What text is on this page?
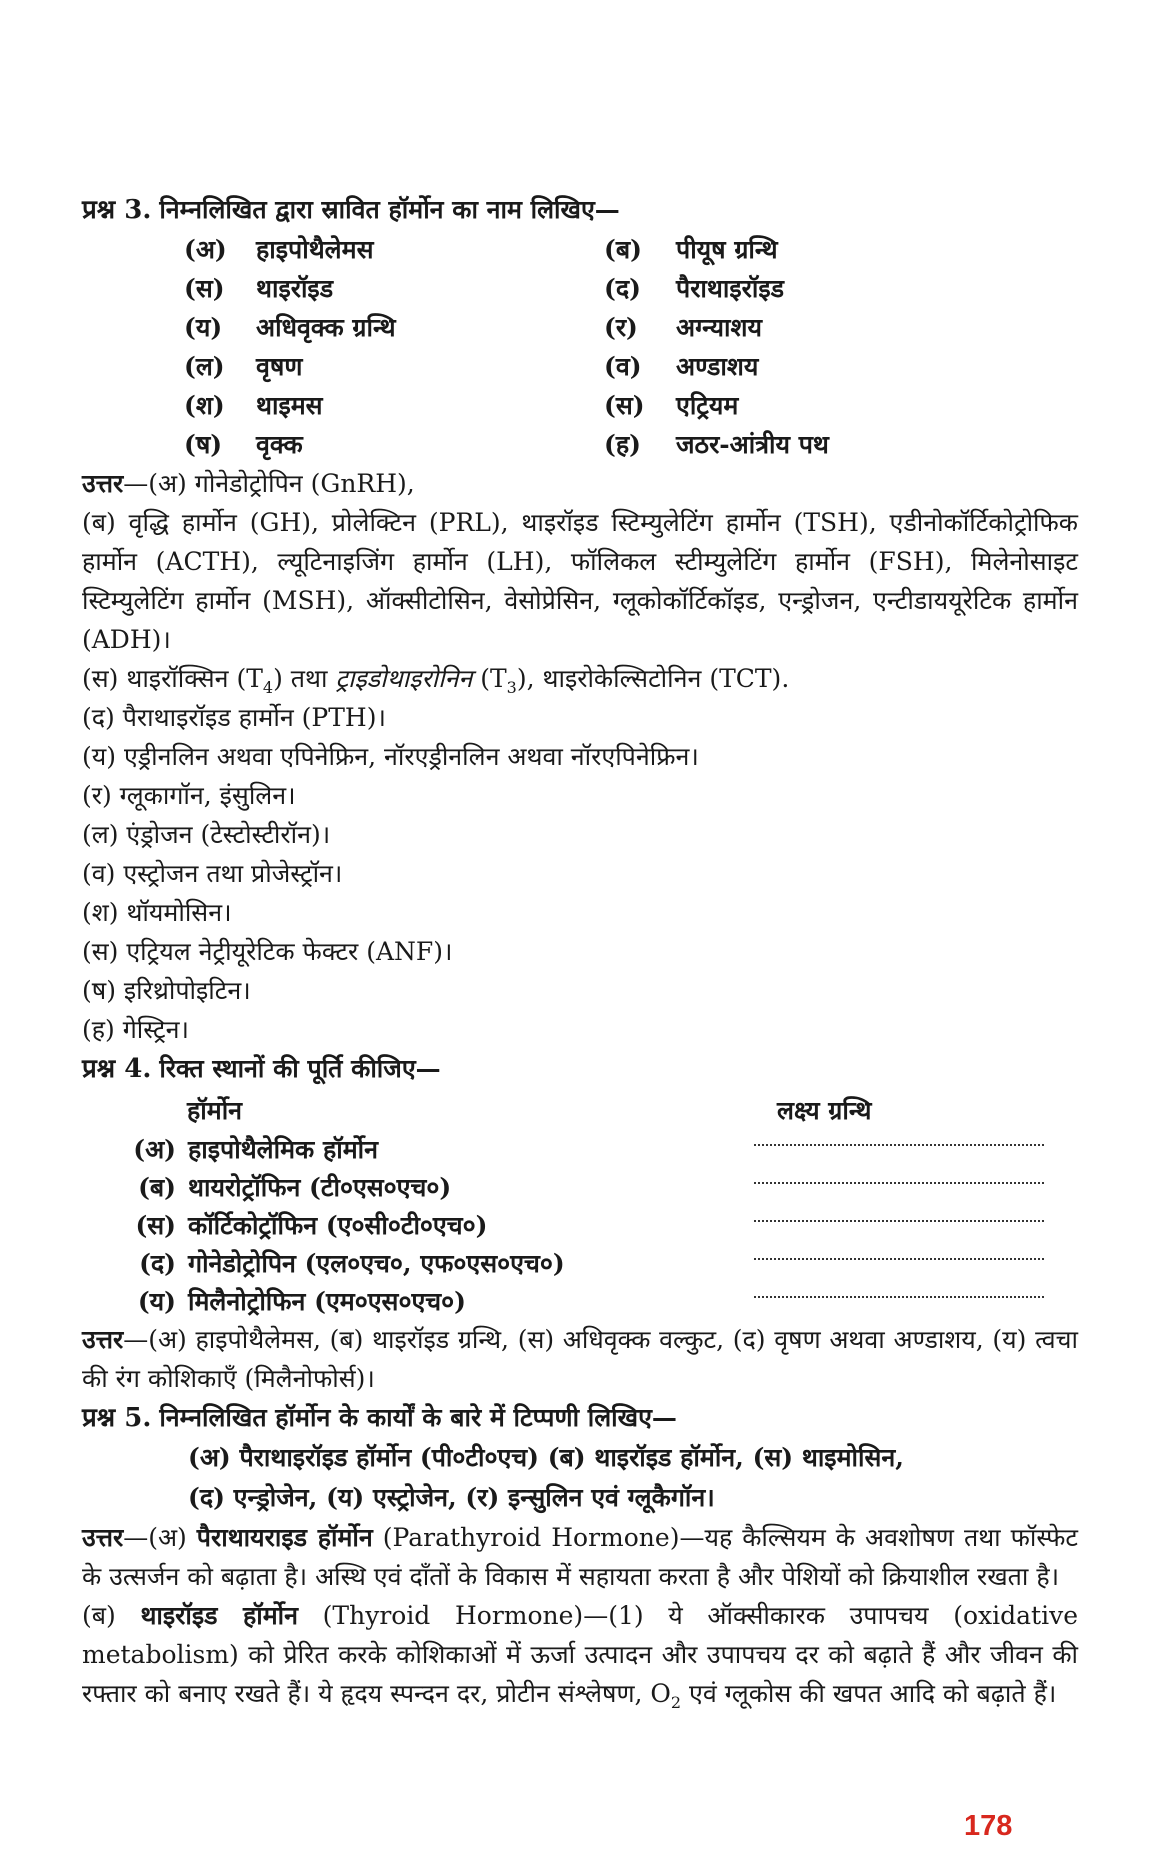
प्रश्न 3. निम्नलिखित द्वारा स्रावित हॉर्मोन का नाम लिखिए—
(अ)	हाइपोथैलेमस	(ब)	पीयूष ग्रन्थि
(स)	थाइरॉइड	(द)	पैराथाइरॉइड
(य)	अधिवृक्क ग्रन्थि	(र)	अग्न्याशय
(ल)	वृषण	(व)	अण्डाशय
(श)	थाइमस	(स)	एट्रियम
(ष)	वृक्क	(ह)	जठर-आंत्रीय पथ
उत्तर—(अ) गोनेडोट्रोपिन (GnRH),
(ब) वृद्धि हार्मोन (GH), प्रोलेक्टिन (PRL), थाइरॉइड स्टिम्युलेटिंग हार्मोन (TSH), एडीनोकॉर्टिकोट्रोफिक हार्मोन (ACTH), ल्यूटिनाइजिंग हार्मोन (LH), फॉलिकल स्टीम्युलेटिंग हार्मोन (FSH), मिलेनोसाइट स्टिम्युलेटिंग हार्मोन (MSH), ऑक्सीटोसिन, वेसोप्रेसिन, ग्लूकोकॉर्टिकॉइड, एन्ड्रोजन, एन्टीडाययूरेटिक हार्मोन (ADH)।
(स) थाइरॉक्सिन $(T_4)$ तथा ट्राइडोथाइरोनिन $(T_3)$, थाइरोकेल्सिटोनिन (TCT).
(द) पैराथाइरॉइड हार्मोन (PTH)।
(य) एड्रीनलिन अथवा एपिनेफ्रिन, नॉरएड्रीनलिन अथवा नॉरएपिनेफ्रिन।
(र) ग्लूकागॉन, इंसुलिन।
(ल) एंड्रोजन (टेस्टोस्टीरॉन)।
(व) एस्ट्रोजन तथा प्रोजेस्ट्रॉन।
(श) थॉयमोसिन।
(स) एट्रियल नेट्रीयूरेटिक फेक्टर (ANF)।
(ष) इरिथ्रोपोइटिन।
(ह) गेस्ट्रिन।
प्रश्न 4. रिक्त स्थानों की पूर्ति कीजिए—
हॉर्मोन	लक्ष्य ग्रन्थि
(अ) हाइपोथैलेमिक हॉर्मोन
(ब) थायरोट्रॉफिन (टी०एस०एच०)
(स) कॉर्टिकोट्रॉफिन (ए०सी०टी०एच०)
(द) गोनेडोट्रोपिन (एल०एच०, एफ०एस०एच०)
(य) मिलैनोट्रोफिन (एम०एस०एच०)
उत्तर—(अ) हाइपोथैलेमस, (ब) थाइरॉइड ग्रन्थि, (स) अधिवृक्क वल्कुट, (द) वृषण अथवा अण्डाशय, (य) त्वचा की रंग कोशिकाएँ (मिलैनोफोर्स)।
प्रश्न 5. निम्नलिखित हॉर्मोन के कार्यों के बारे में टिप्पणी लिखिए—
(अ) पैराथाइरॉइड हॉर्मोन (पी०टी०एच) (ब) थाइरॉइड हॉर्मोन, (स) थाइमोसिन,
(द) एन्ड्रोजेन, (य) एस्ट्रोजेन, (र) इन्सुलिन एवं ग्लूकैगॉन।
उत्तर—(अ) पैराथायराइड हॉर्मोन (Parathyroid Hormone)—यह कैल्सियम के अवशोषण तथा फॉस्फेट के उत्सर्जन को बढ़ाता है। अस्थि एवं दाँतों के विकास में सहायता करता है और पेशियों को क्रियाशील रखता है।
(ब) थाइरॉइड हॉर्मोन (Thyroid Hormone)—(1) ये ऑक्सीकारक उपापचय (oxidative metabolism) को प्रेरित करके कोशिकाओं में ऊर्जा उत्पादन और उपापचय दर को बढ़ाते हैं और जीवन की रफ्तार को बनाए रखते हैं। ये हृदय स्पन्दन दर, प्रोटीन संश्लेषण, $O_2$ एवं ग्लूकोस की खपत आदि को बढ़ाते हैं।
178
